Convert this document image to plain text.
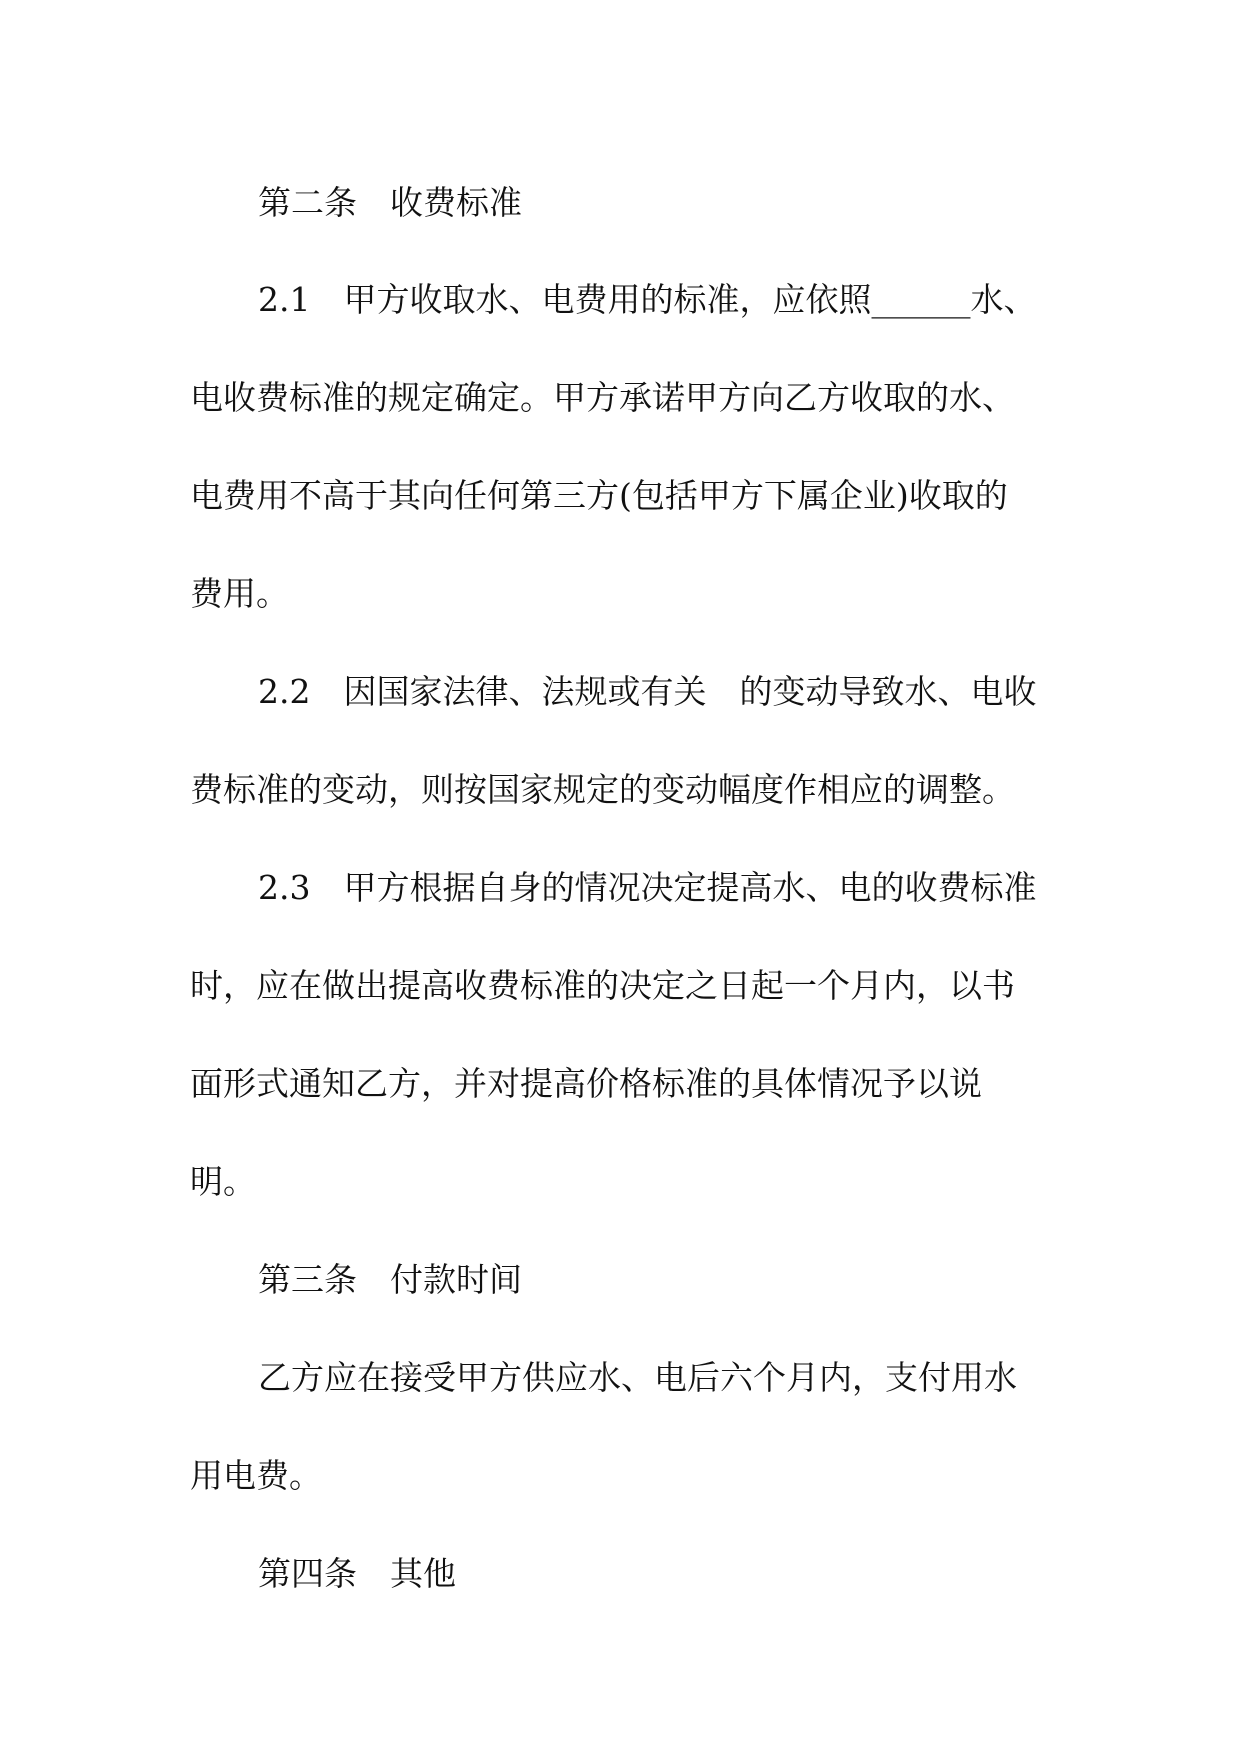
第二条　收费标准
2.1　甲方收取水、电费用的标准，应依照______水、
电收费标准的规定确定。甲方承诺甲方向乙方收取的水、
电费用不高于其向任何第三方(包括甲方下属企业)收取的
费用。
2.2　因国家法律、法规或有关　的变动导致水、电收
费标准的变动，则按国家规定的变动幅度作相应的调整。
2.3　甲方根据自身的情况决定提高水、电的收费标准
时，应在做出提高收费标准的决定之日起一个月内，以书
面形式通知乙方，并对提高价格标准的具体情况予以说
明。
第三条　付款时间
乙方应在接受甲方供应水、电后六个月内，支付用水
用电费。
第四条　其他
